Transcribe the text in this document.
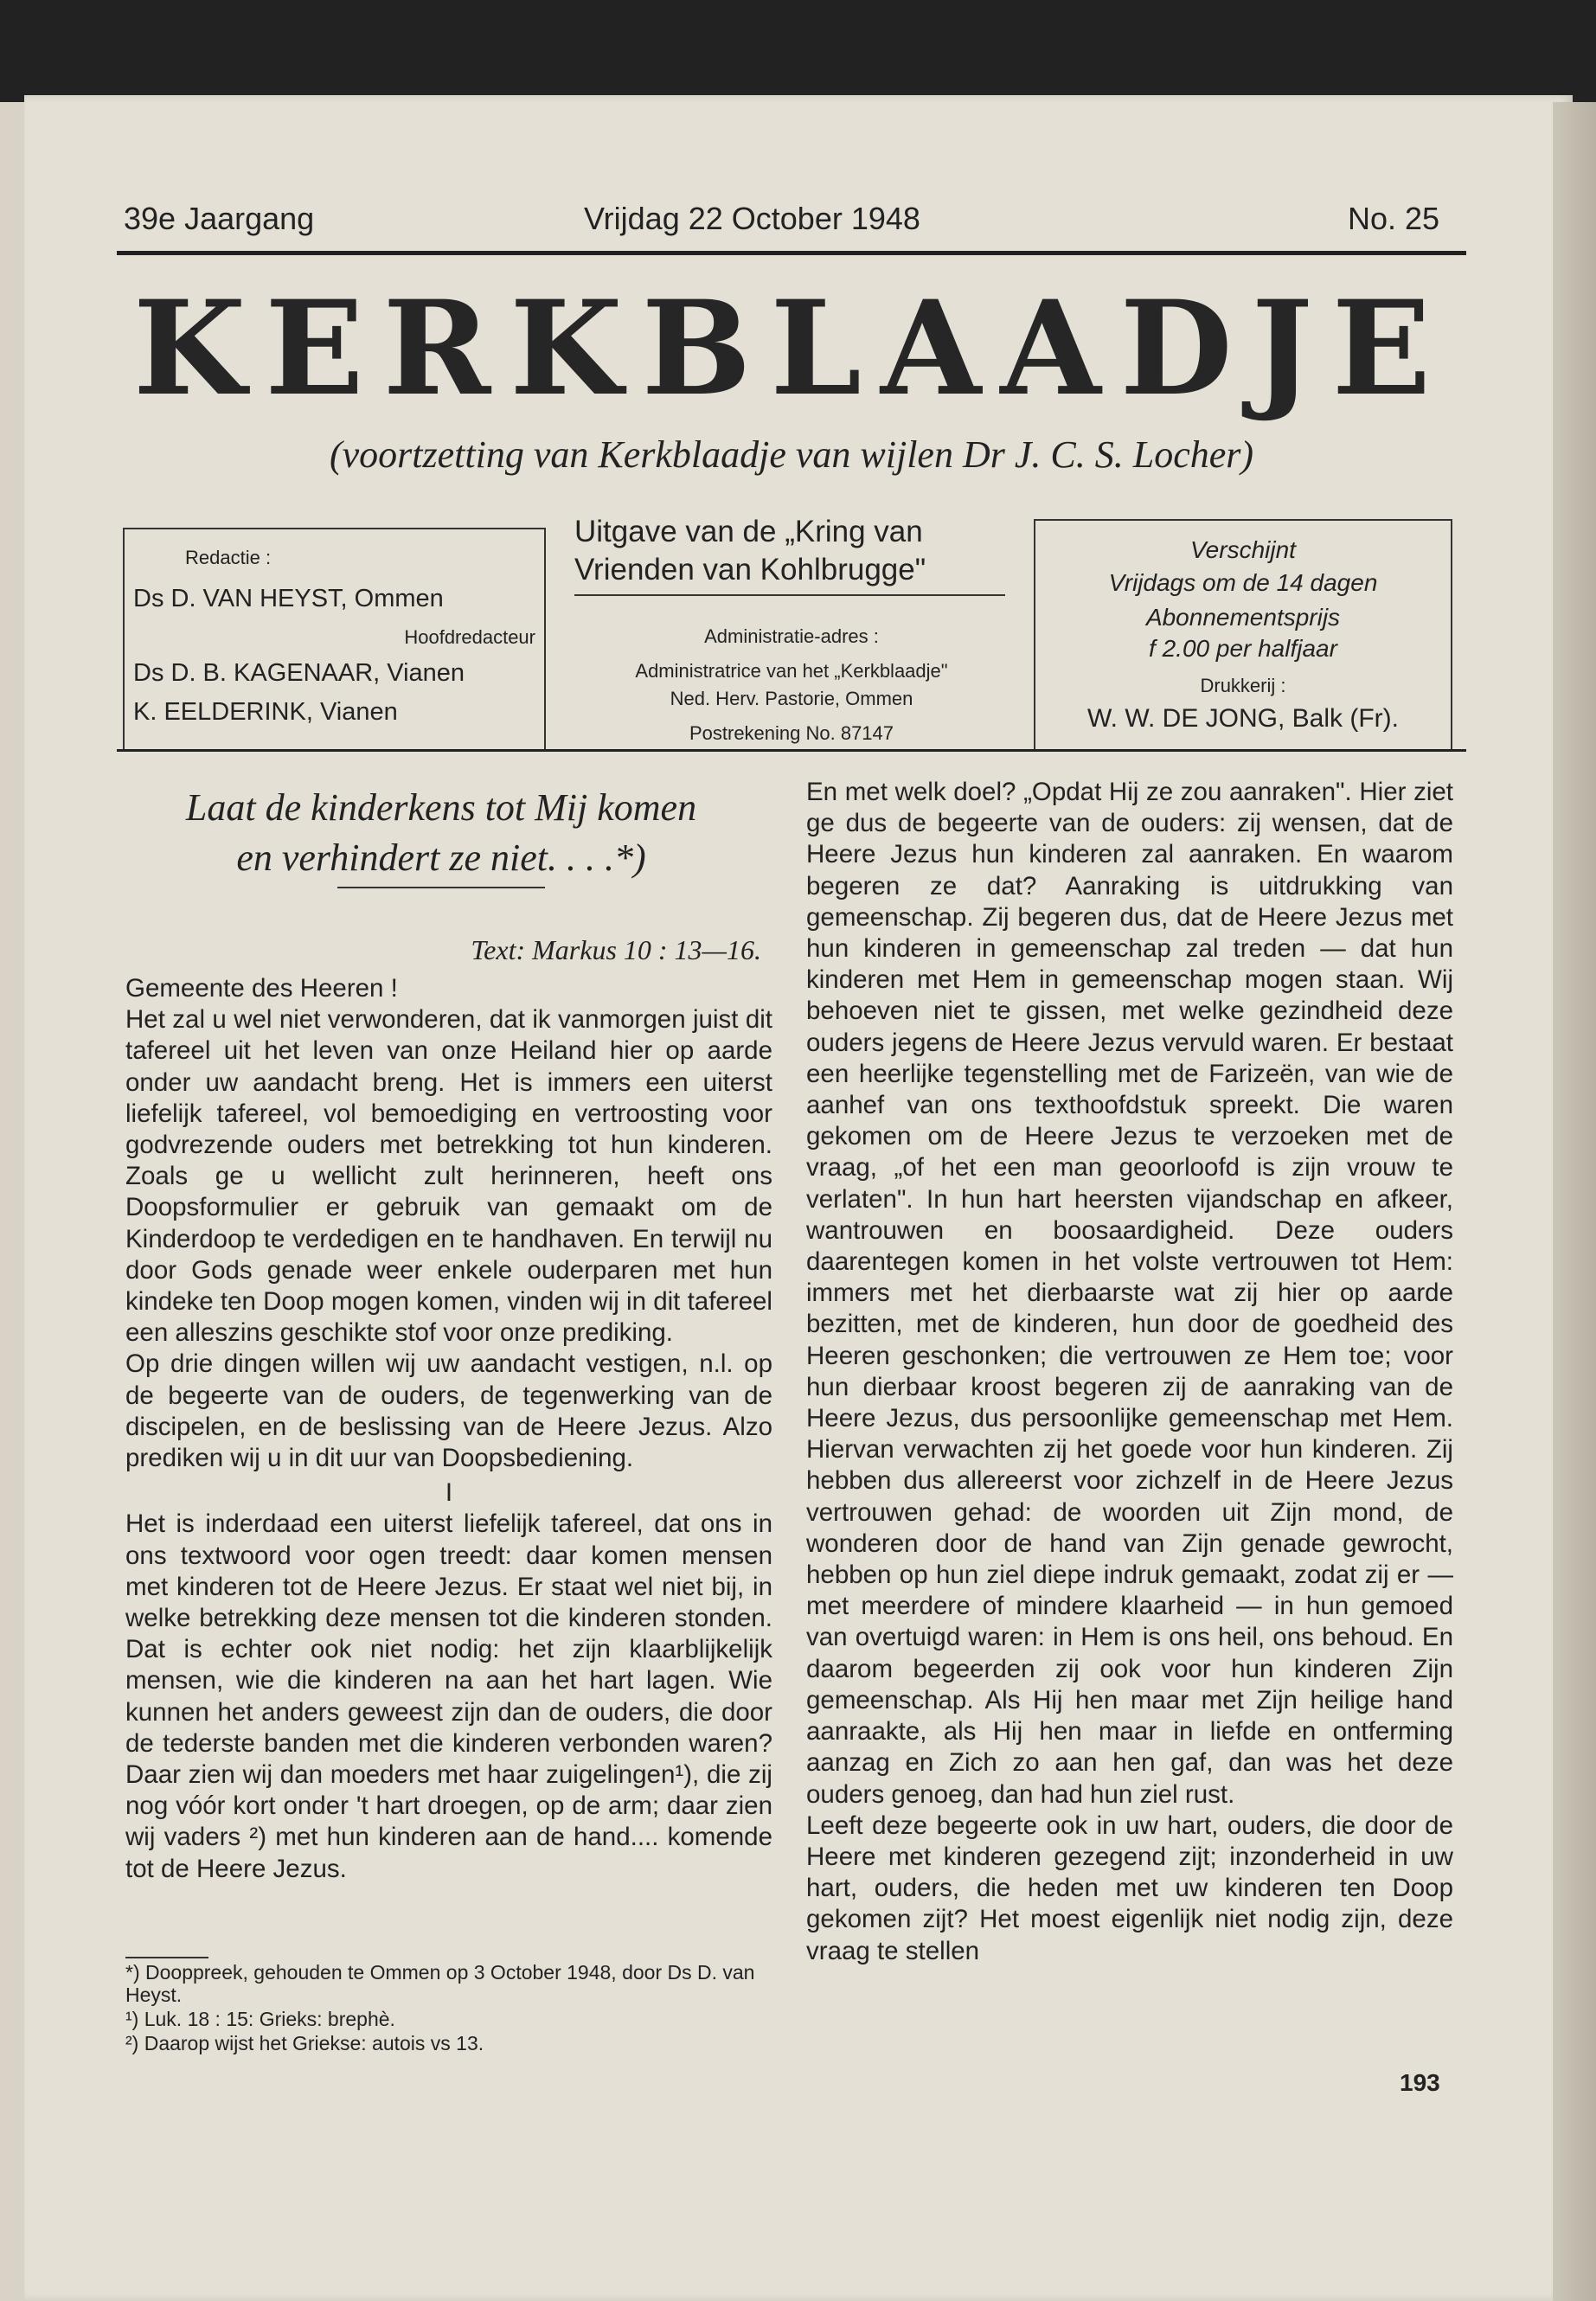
39e Jaargang	Vrijdag 22 October 1948	No. 25
KERKBLAADJE
(voortzetting van Kerkblaadje van wijlen Dr J. C. S. Locher)
Redactie :
Ds D. VAN HEYST, Ommen
Hoofdredacteur
Ds D. B. KAGENAAR, Vianen
K. EELDERINK, Vianen
Uitgave van de „Kring van
Vrienden van Kohlbrugge"
Administratie-adres :
Administratrice van het „Kerkblaadje"
Ned. Herv. Pastorie, Ommen
Postrekening No. 87147
Verschijnt
Vrijdags om de 14 dagen
Abonnementsprijs
f 2.00 per halfjaar
Drukkerij :
W. W. DE JONG, Balk (Fr).
Laat de kinderkens tot Mij komen
en verhindert ze niet. . . .*)
Text: Markus 10 : 13—16.

Gemeente des Heeren !

Het zal u wel niet verwonderen, dat ik vanmorgen juist dit tafereel uit het leven van onze Heiland hier op aarde onder uw aandacht breng. Het is immers een uiterst liefelijk tafereel, vol bemoediging en vertroosting voor godvrezende ouders met betrekking tot hun kinderen. Zoals ge u wellicht zult herinneren, heeft ons Doopsformulier er gebruik van gemaakt om de Kinderdoop te verdedigen en te handhaven. En terwijl nu door Gods genade weer enkele ouderparen met hun kindeke ten Doop mogen komen, vinden wij in dit tafereel een alleszins geschikte stof voor onze prediking.

Op drie dingen willen wij uw aandacht vestigen, n.l. op de begeerte van de ouders, de tegenwerking van de discipelen, en de beslissing van de Heere Jezus. Alzo prediken wij u in dit uur van Doopsbediening.

I

Het is inderdaad een uiterst liefelijk tafereel, dat ons in ons textwoord voor ogen treedt: daar komen mensen met kinderen tot de Heere Jezus. Er staat wel niet bij, in welke betrekking deze mensen tot die kinderen stonden. Dat is echter ook niet nodig: het zijn klaarblijkelijk mensen, wie die kinderen na aan het hart lagen. Wie kunnen het anders geweest zijn dan de ouders, die door de tederste banden met die kinderen verbonden waren? Daar zien wij dan moeders met haar zuigelingen¹), die zij nog vóór kort onder 't hart droegen, op de arm; daar zien wij vaders ²) met hun kinderen aan de hand.... komende tot de Heere Jezus.

*) Dooppreek, gehouden te Ommen op 3 October 1948, door Ds D. van Heyst.
¹) Luk. 18 : 15: Grieks: brephè.
²) Daarop wijst het Griekse: autois vs 13.

En met welk doel? „Opdat Hij ze zou aanraken". Hier ziet ge dus de begeerte van de ouders: zij wensen, dat de Heere Jezus hun kinderen zal aanraken. En waarom begeren ze dat? Aanraking is uitdrukking van gemeenschap. Zij begeren dus, dat de Heere Jezus met hun kinderen in gemeenschap zal treden — dat hun kinderen met Hem in gemeenschap mogen staan. Wij behoeven niet te gissen, met welke gezindheid deze ouders jegens de Heere Jezus vervuld waren. Er bestaat een heerlijke tegenstelling met de Farizeën, van wie de aanhef van ons texthoofdstuk spreekt. Die waren gekomen om de Heere Jezus te verzoeken met de vraag, „of het een man geoorloofd is zijn vrouw te verlaten". In hun hart heersten vijandschap en afkeer, wantrouwen en boosaardigheid. Deze ouders daarentegen komen in het volste vertrouwen tot Hem: immers met het dierbaarste wat zij hier op aarde bezitten, met de kinderen, hun door de goedheid des Heeren geschonken; die vertrouwen ze Hem toe; voor hun dierbaar kroost begeren zij de aanraking van de Heere Jezus, dus persoonlijke gemeenschap met Hem. Hiervan verwachten zij het goede voor hun kinderen. Zij hebben dus allereerst voor zichzelf in de Heere Jezus vertrouwen gehad: de woorden uit Zijn mond, de wonderen door de hand van Zijn genade gewrocht, hebben op hun ziel diepe indruk gemaakt, zodat zij er — met meerdere of mindere klaarheid — in hun gemoed van overtuigd waren: in Hem is ons heil, ons behoud. En daarom begeerden zij ook voor hun kinderen Zijn gemeenschap. Als Hij hen maar met Zijn heilige hand aanraakte, als Hij hen maar in liefde en ontferming aanzag en Zich zo aan hen gaf, dan was het deze ouders genoeg, dan had hun ziel rust.

Leeft deze begeerte ook in uw hart, ouders, die door de Heere met kinderen gezegend zijt; inzonderheid in uw hart, ouders, die heden met uw kinderen ten Doop gekomen zijt? Het moest eigenlijk niet nodig zijn, deze vraag te stellen

193
